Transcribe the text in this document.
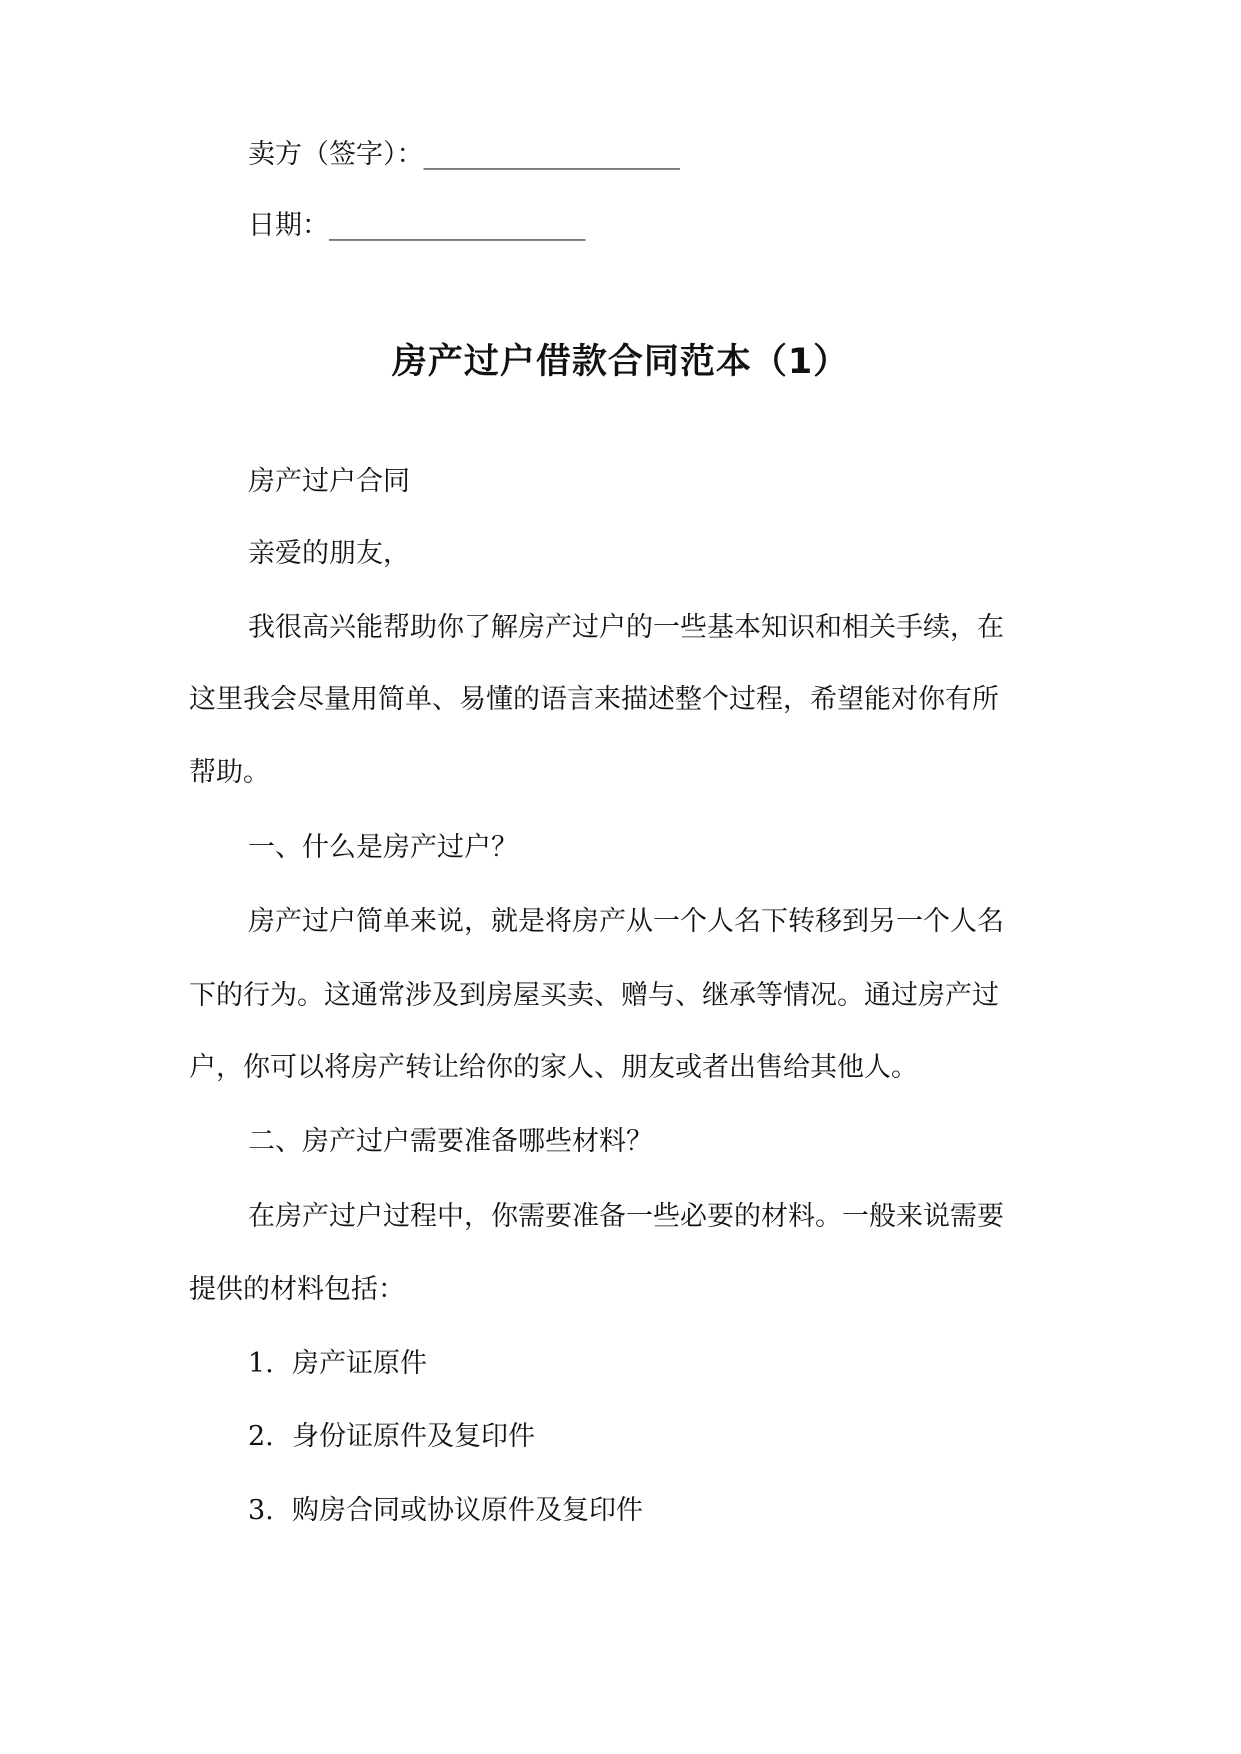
卖方（签字）：___________________
日期：___________________
房产过户借款合同范本（1）
房产过户合同
亲爱的朋友，
我很高兴能帮助你了解房产过户的一些基本知识和相关手续，在
这里我会尽量用简单、易懂的语言来描述整个过程，希望能对你有所
帮助。
一、什么是房产过户？
房产过户简单来说，就是将房产从一个人名下转移到另一个人名
下的行为。这通常涉及到房屋买卖、赠与、继承等情况。通过房产过
户，你可以将房产转让给你的家人、朋友或者出售给其他人。
二、房产过户需要准备哪些材料？
在房产过户过程中，你需要准备一些必要的材料。一般来说需要
提供的材料包括：
1. 房产证原件
2. 身份证原件及复印件
3. 购房合同或协议原件及复印件
